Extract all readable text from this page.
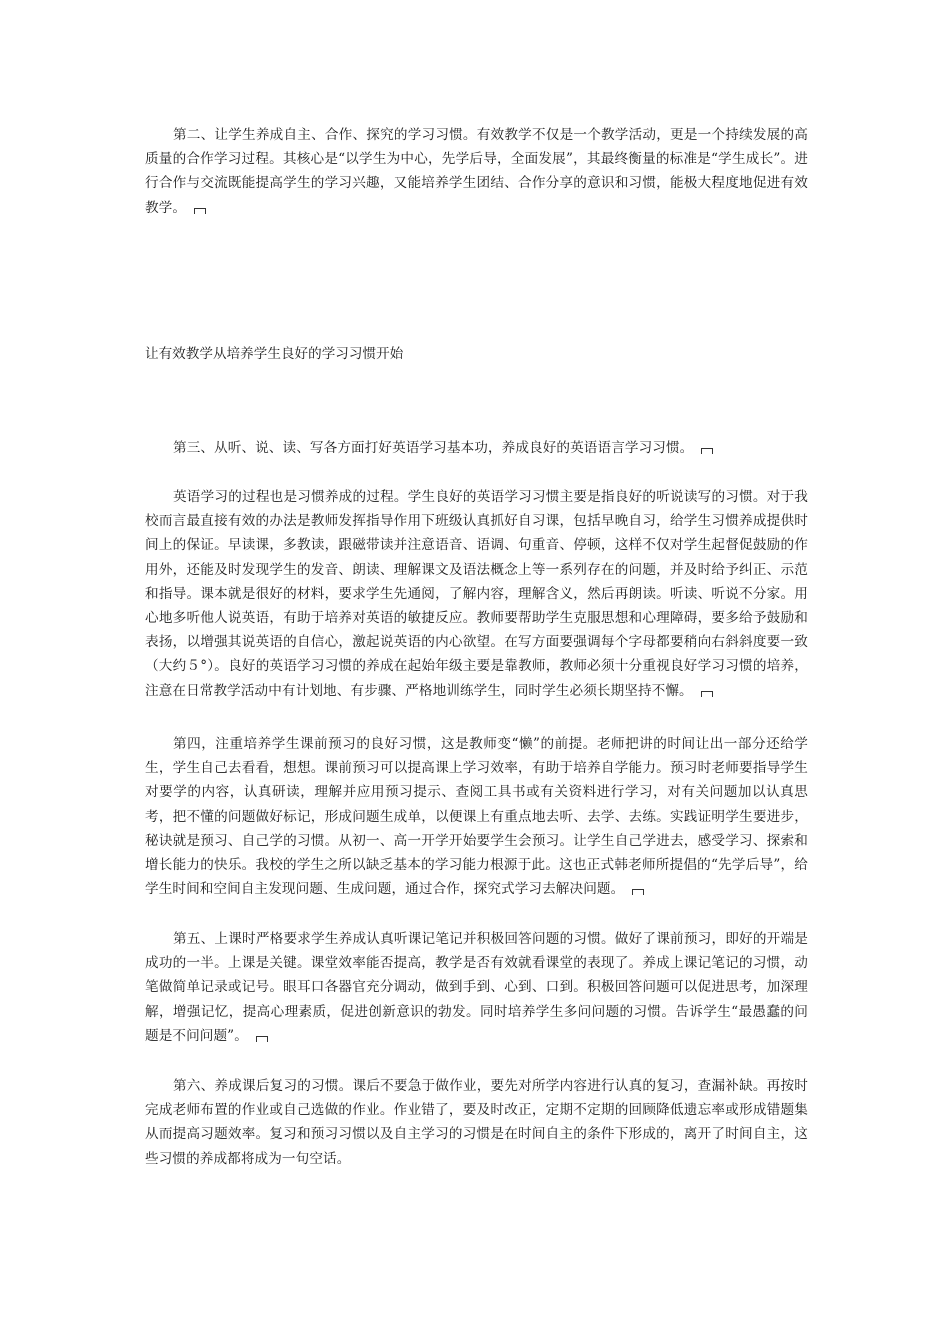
第二、让学生养成自主、合作、探究的学习习惯。有效教学不仅是一个教学活动，更是一个持续发展的高质量的合作学习过程。其核心是“以学生为中心，先学后导，全面发展”，其最终衡量的标准是“学生成长”。进行合作与交流既能提高学生的学习兴趣，又能培养学生团结、合作分享的意识和习惯，能极大程度地促进有效教学。

让有效教学从培养学生良好的学习习惯开始

第三、从听、说、读、写各方面打好英语学习基本功，养成良好的英语语言学习习惯。

英语学习的过程也是习惯养成的过程。学生良好的英语学习习惯主要是指良好的听说读写的习惯。对于我校而言最直接有效的办法是教师发挥指导作用下班级认真抓好自习课，包括早晚自习，给学生习惯养成提供时间上的保证。早读课，多教读，跟磁带读并注意语音、语调、句重音、停顿，这样不仅对学生起督促鼓励的作用外，还能及时发现学生的发音、朗读、理解课文及语法概念上等一系列存在的问题，并及时给予纠正、示范和指导。课本就是很好的材料，要求学生先通阅，了解内容，理解含义，然后再朗读。听读、听说不分家。用心地多听他人说英语，有助于培养对英语的敏捷反应。教师要帮助学生克服思想和心理障碍，要多给予鼓励和表扬，以增强其说英语的自信心，激起说英语的内心欲望。在写方面要强调每个字母都要稍向右斜斜度要一致（大约５°）。良好的英语学习习惯的养成在起始年级主要是靠教师，教师必须十分重视良好学习习惯的培养，注意在日常教学活动中有计划地、有步骤、严格地训练学生，同时学生必须长期坚持不懈。

第四，注重培养学生课前预习的良好习惯，这是教师变“懒”的前提。老师把讲的时间让出一部分还给学生，学生自己去看看，想想。课前预习可以提高课上学习效率，有助于培养自学能力。预习时老师要指导学生对要学的内容，认真研读，理解并应用预习提示、查阅工具书或有关资料进行学习，对有关问题加以认真思考，把不懂的问题做好标记，形成问题生成单，以便课上有重点地去听、去学、去练。实践证明学生要进步，秘诀就是预习、自己学的习惯。从初一、高一开学开始要学生会预习。让学生自己学进去，感受学习、探索和增长能力的快乐。我校的学生之所以缺乏基本的学习能力根源于此。这也正式韩老师所提倡的“先学后导”，给学生时间和空间自主发现问题、生成问题，通过合作，探究式学习去解决问题。

第五、上课时严格要求学生养成认真听课记笔记并积极回答问题的习惯。做好了课前预习，即好的开端是成功的一半。上课是关键。课堂效率能否提高，教学是否有效就看课堂的表现了。养成上课记笔记的习惯，动笔做简单记录或记号。眼耳口各器官充分调动，做到手到、心到、口到。积极回答问题可以促进思考，加深理解，增强记忆，提高心理素质，促进创新意识的勃发。同时培养学生多问问题的习惯。告诉学生“最愚蠢的问题是不问问题”。

第六、养成课后复习的习惯。课后不要急于做作业，要先对所学内容进行认真的复习，查漏补缺。再按时完成老师布置的作业或自己选做的作业。作业错了，要及时改正，定期不定期的回顾降低遗忘率或形成错题集从而提高习题效率。复习和预习习惯以及自主学习的习惯是在时间自主的条件下形成的，离开了时间自主，这些习惯的养成都将成为一句空话。
